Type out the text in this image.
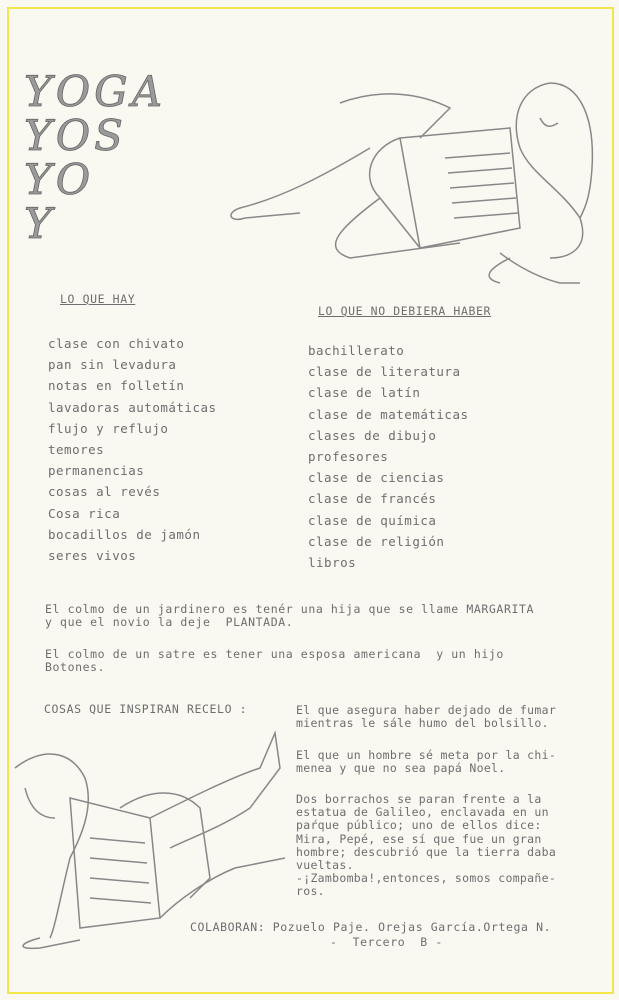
YOGA
YOS
YO
Y
LO QUE HAY
LO QUE NO DEBIERA HABER
clase con chivato
pan sin levadura
notas en folletín
lavadoras automáticas
flujo y reflujo
temores
permanencias
cosas al revés
Cosa rica
bocadillos de jamón
seres vivos
bachillerato
clase de literatura
clase de latín
clase de matemáticas
clases de dibujo
profesores
clase de ciencias
clase de francés
clase de química
clase de religión
libros
El colmo de un jardinero es tenér una hija que se llame MARGARITA
y que el novio la deje  PLANTADA.
El colmo de un satre es tener una esposa americana  y un hijo
Botones.
COSAS QUE INSPIRAN RECELO :	El que asegura haber dejado de fumar
mientras le sále humo del bolsillo.
El que un hombre sé meta por la chi-
menea y que no sea papá Noel.
Dos borrachos se paran frente a la
estatua de Galileo, enclavada en un
paŕque público; uno de ellos dice:
Mira, Pepé, ese sí que fue un gran
hombre; descubrió que la tierra daba
vueltas.
-¡Zambomba!,entonces, somos compañe-
ros.
COLABORAN: Pozuelo Paje. Orejas García.Ortega N.
-  Tercero  B -
